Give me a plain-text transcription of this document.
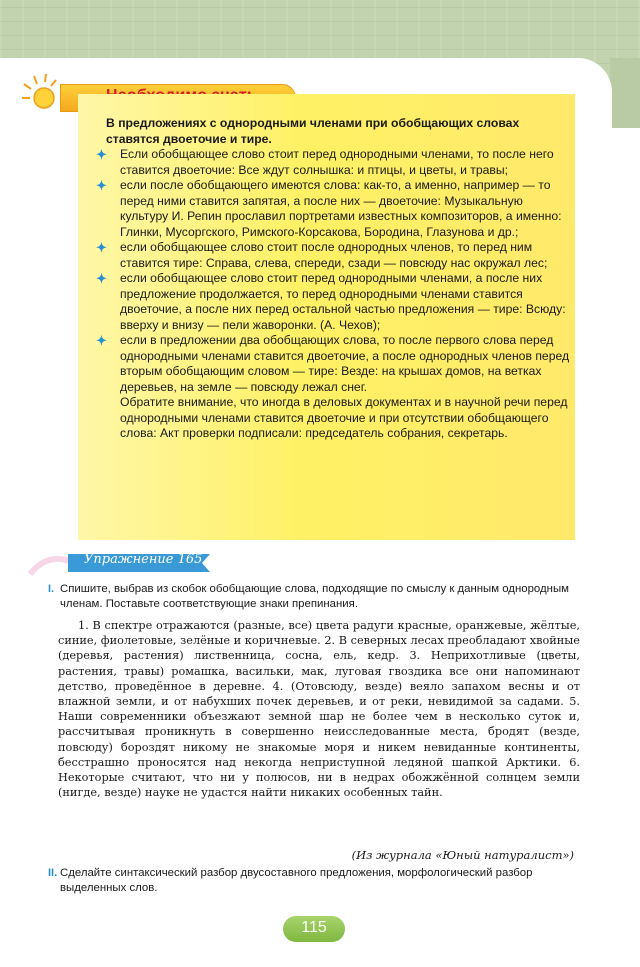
В предложениях с однородными членами при обобщающих словах ставятся двоеточие и тире.

✦ Если обобщающее слово стоит перед однородными членами, то после него ставится двоеточие: Все ждут солнышка: и птицы, и цветы, и травы;
✦ если после обобщающего имеются слова: как-то, а именно, например — то перед ними ставится запятая, а после них — двоеточие: Музыкальную культуру И. Репин прославил портретами известных композиторов, а именно: Глинки, Мусоргского, Римского-Корсакова, Бородина, Глазунова и др.;
✦ если обобщающее слово стоит после однородных членов, то перед ним ставится тире: Справа, слева, спереди, сзади — повсюду нас окружал лес;
✦ если обобщающее слово стоит перед однородными членами, а после них предложение продолжается, то перед однородными членами ставится двоеточие, а после них перед остальной частью предложения — тире: Всюду: вверху и внизу — пели жаворонки. (А. Чехов);
✦ если в предложении два обобщающих слова, то после первого слова перед однородными членами ставится двоеточие, а после однородных членов перед вторым обобщающим словом — тире: Везде: на крышах домов, на ветках деревьев, на земле — повсюду лежал снег.

Обратите внимание, что иногда в деловых документах и в научной речи перед однородными членами ставится двоеточие и при отсутствии обобщающего слова: Акт проверки подписали: председатель собрания, секретарь.

Упражнение 165
I. Спишите, выбрав из скобок обобщающие слова, подходящие по смыслу к данным однородным членам. Поставьте соответствующие знаки препинания.

1. В спектре отражаются (разные, все) цвета радуги красные, оранжевые, жёлтые, синие, фиолетовые, зелёные и коричневые. 2. В северных лесах преобладают хвойные (деревья, растения) лиственница, сосна, ель, кедр. 3. Неприхотливые (цветы, растения, травы) ромашка, васильки, мак, луговая гвоздика все они напоминают детство, проведённое в деревне. 4. (Отовсюду, везде) веяло запахом весны и от влажной земли, и от набухших почек деревьев, и от реки, невидимой за садами. 5. Наши современники объезжают земной шар не более чем в несколько суток и, рассчитывая проникнуть в совершенно неисследованные места, бродят (везде, повсюду) бороздят никому не знакомые моря и никем невиданные континенты, бесстрашно проносятся над некогда неприступной ледяной шапкой Арктики. 6. Некоторые считают, что ни у полюсов, ни в недрах обожжённой солнцем земли (нигде, везде) науке не удастся найти никаких особенных тайн.

(Из журнала «Юный натуралист»)
II. Сделайте синтаксический разбор двусоставного предложения, морфологический разбор выделенных слов.
115
